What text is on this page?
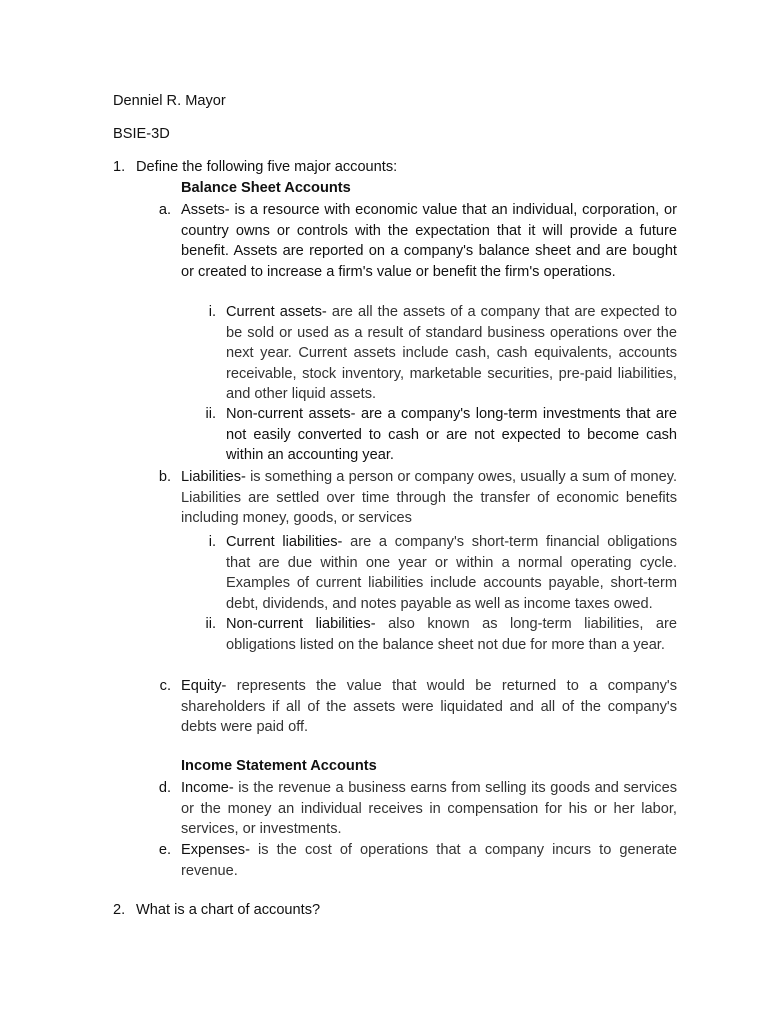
Denniel R. Mayor
BSIE-3D
1. Define the following five major accounts:
Balance Sheet Accounts
a. Assets- is a resource with economic value that an individual, corporation, or country owns or controls with the expectation that it will provide a future benefit. Assets are reported on a company's balance sheet and are bought or created to increase a firm's value or benefit the firm's operations.
i. Current assets- are all the assets of a company that are expected to be sold or used as a result of standard business operations over the next year. Current assets include cash, cash equivalents, accounts receivable, stock inventory, marketable securities, pre-paid liabilities, and other liquid assets.
ii. Non-current assets- are a company's long-term investments that are not easily converted to cash or are not expected to become cash within an accounting year.
b. Liabilities- is something a person or company owes, usually a sum of money. Liabilities are settled over time through the transfer of economic benefits including money, goods, or services
i. Current liabilities- are a company's short-term financial obligations that are due within one year or within a normal operating cycle. Examples of current liabilities include accounts payable, short-term debt, dividends, and notes payable as well as income taxes owed.
ii. Non-current liabilities- also known as long-term liabilities, are obligations listed on the balance sheet not due for more than a year.
c. Equity- represents the value that would be returned to a company's shareholders if all of the assets were liquidated and all of the company's debts were paid off.
Income Statement Accounts
d. Income- is the revenue a business earns from selling its goods and services or the money an individual receives in compensation for his or her labor, services, or investments.
e. Expenses- is the cost of operations that a company incurs to generate revenue.
2. What is a chart of accounts?
